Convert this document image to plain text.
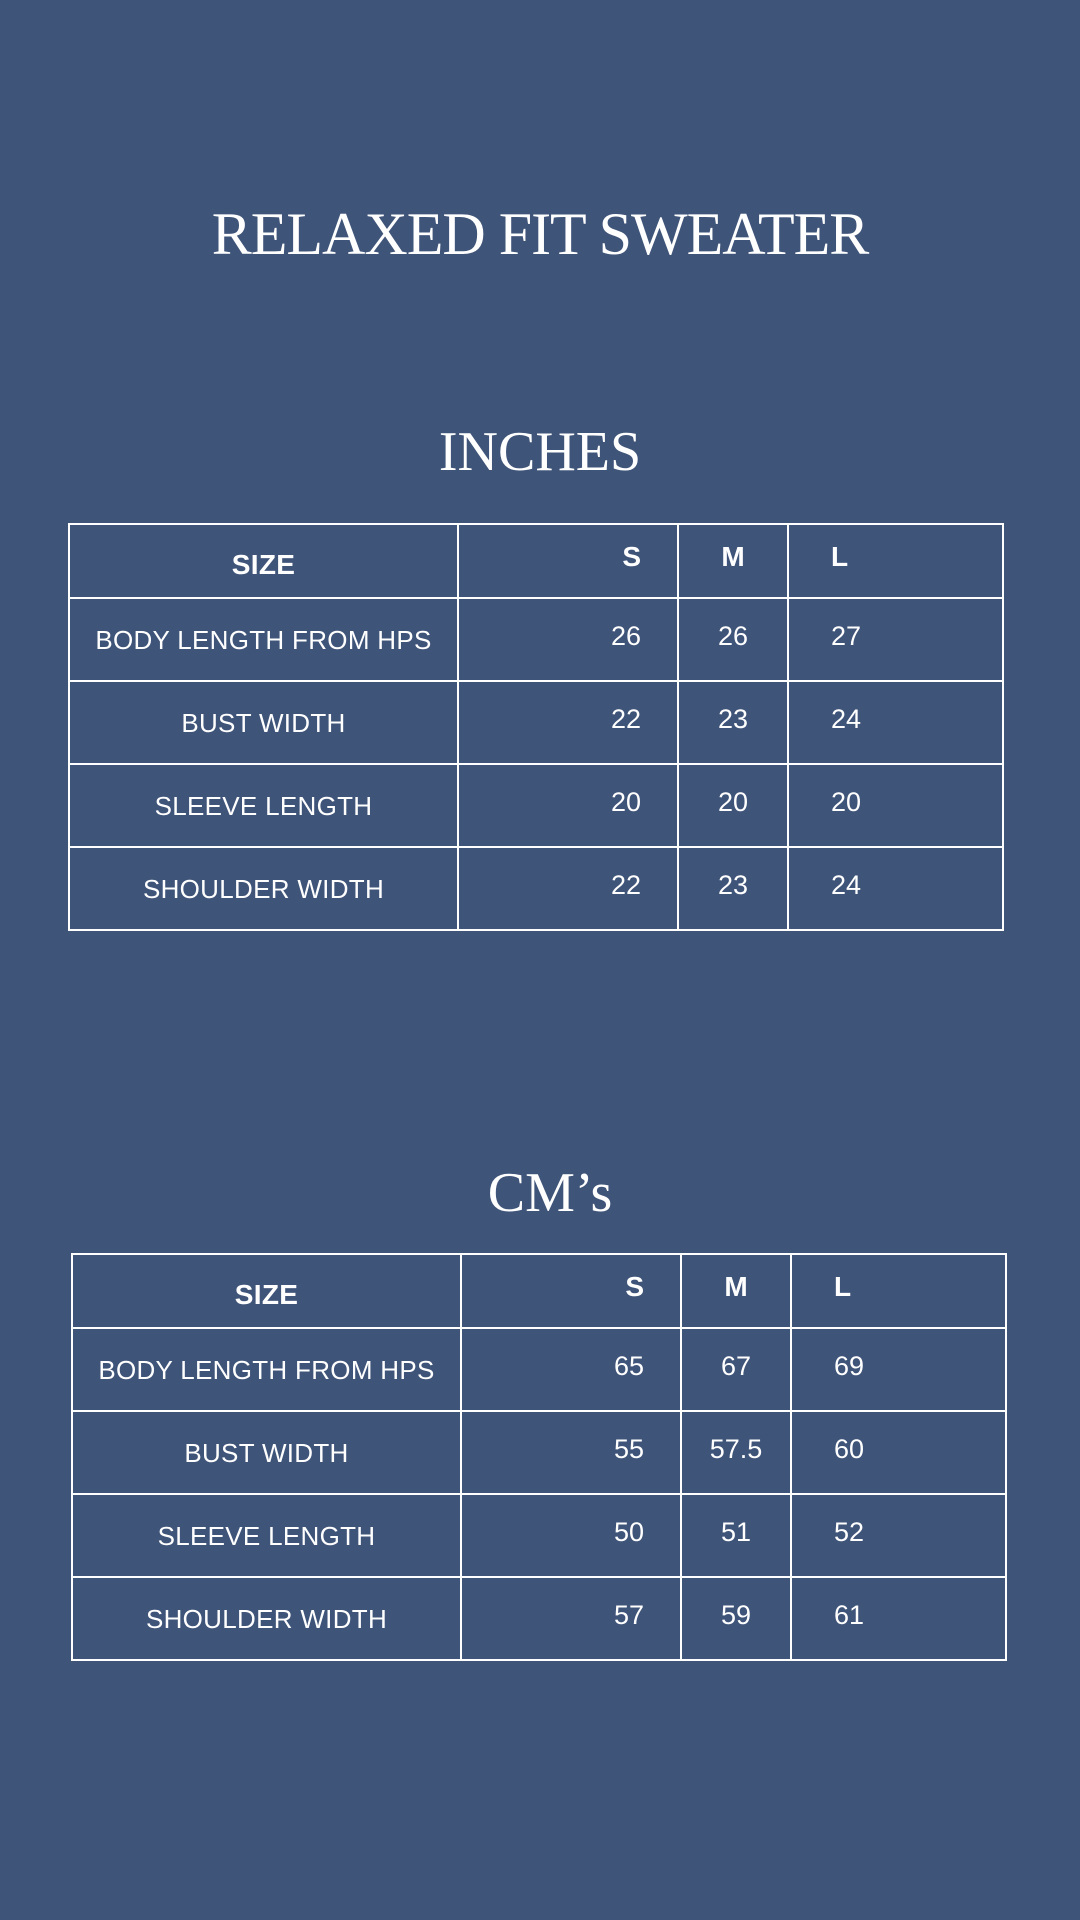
RELAXED FIT SWEATER
INCHES
SIZE	S	M	L
BODY LENGTH FROM HPS	26	26	27
BUST WIDTH	22	23	24
SLEEVE LENGTH	20	20	20
SHOULDER WIDTH	22	23	24
CM’s
SIZE	S	M	L
BODY LENGTH FROM HPS	65	67	69
BUST WIDTH	55	57.5	60
SLEEVE LENGTH	50	51	52
SHOULDER WIDTH	57	59	61
